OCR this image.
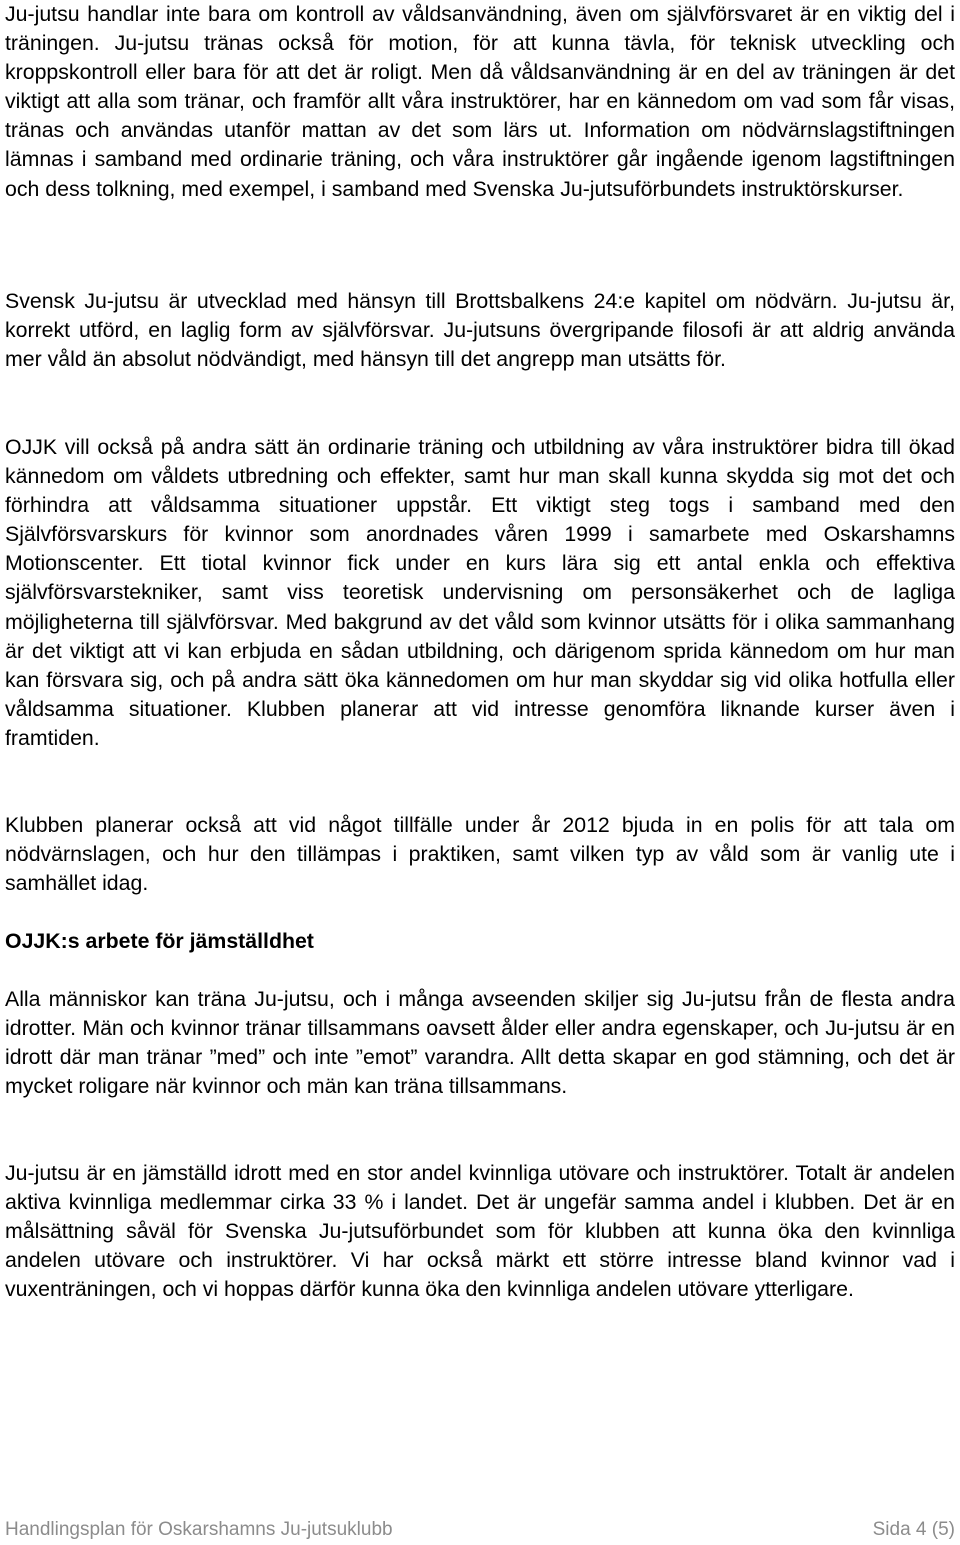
Ju-jutsu handlar inte bara om kontroll av våldsanvändning, även om självförsvaret är en viktig del i träningen. Ju-jutsu tränas också för motion, för att kunna tävla, för teknisk utveckling och kroppskontroll eller bara för att det är roligt. Men då våldsanvändning är en del av träningen är det viktigt att alla som tränar, och framför allt våra instruktörer, har en kännedom om vad som får visas, tränas och användas utanför mattan av det som lärs ut. Information om nödvärnslagstiftningen lämnas i samband med ordinarie träning, och våra instruktörer går ingående igenom lagstiftningen och dess tolkning, med exempel, i samband med Svenska Ju-jutsuförbundets instruktörskurser.

Svensk Ju-jutsu är utvecklad med hänsyn till Brottsbalkens 24:e kapitel om nödvärn. Ju-jutsu är, korrekt utförd, en laglig form av självförsvar. Ju-jutsuns övergripande filosofi är att aldrig använda mer våld än absolut nödvändigt, med hänsyn till det angrepp man utsätts för.

OJJK vill också på andra sätt än ordinarie träning och utbildning av våra instruktörer bidra till ökad kännedom om våldets utbredning och effekter, samt hur man skall kunna skydda sig mot det och förhindra att våldsamma situationer uppstår. Ett viktigt steg togs i samband med den Självförsvarskurs för kvinnor som anordnades våren 1999 i samarbete med Oskarshamns Motionscenter. Ett tiotal kvinnor fick under en kurs lära sig ett antal enkla och effektiva självförsvarstekniker, samt viss teoretisk undervisning om personsäkerhet och de lagliga möjligheterna till självförsvar. Med bakgrund av det våld som kvinnor utsätts för i olika sammanhang är det viktigt att vi kan erbjuda en sådan utbildning, och därigenom sprida kännedom om hur man kan försvara sig, och på andra sätt öka kännedomen om hur man skyddar sig vid olika hotfulla eller våldsamma situationer. Klubben planerar att vid intresse genomföra liknande kurser även i framtiden.

Klubben planerar också att vid något tillfälle under år 2012 bjuda in en polis för att tala om nödvärnslagen, och hur den tillämpas i praktiken, samt vilken typ av våld som är vanlig ute i samhället idag.

OJJK:s arbete för jämställdhet

Alla människor kan träna Ju-jutsu, och i många avseenden skiljer sig Ju-jutsu från de flesta andra idrotter. Män och kvinnor tränar tillsammans oavsett ålder eller andra egenskaper, och Ju-jutsu är en idrott där man tränar ”med” och inte ”emot” varandra. Allt detta skapar en god stämning, och det är mycket roligare när kvinnor och män kan träna tillsammans.

Ju-jutsu är en jämställd idrott med en stor andel kvinnliga utövare och instruktörer. Totalt är andelen aktiva kvinnliga medlemmar cirka 33 % i landet. Det är ungefär samma andel i klubben. Det är en målsättning såväl för Svenska Ju-jutsuförbundet som för klubben att kunna öka den kvinnliga andelen utövare och instruktörer. Vi har också märkt ett större intresse bland kvinnor vad i vuxenträningen, och vi hoppas därför kunna öka den kvinnliga andelen utövare ytterligare.

Handlingsplan för Oskarshamns Ju-jutsuklubb	Sida 4 (5)
